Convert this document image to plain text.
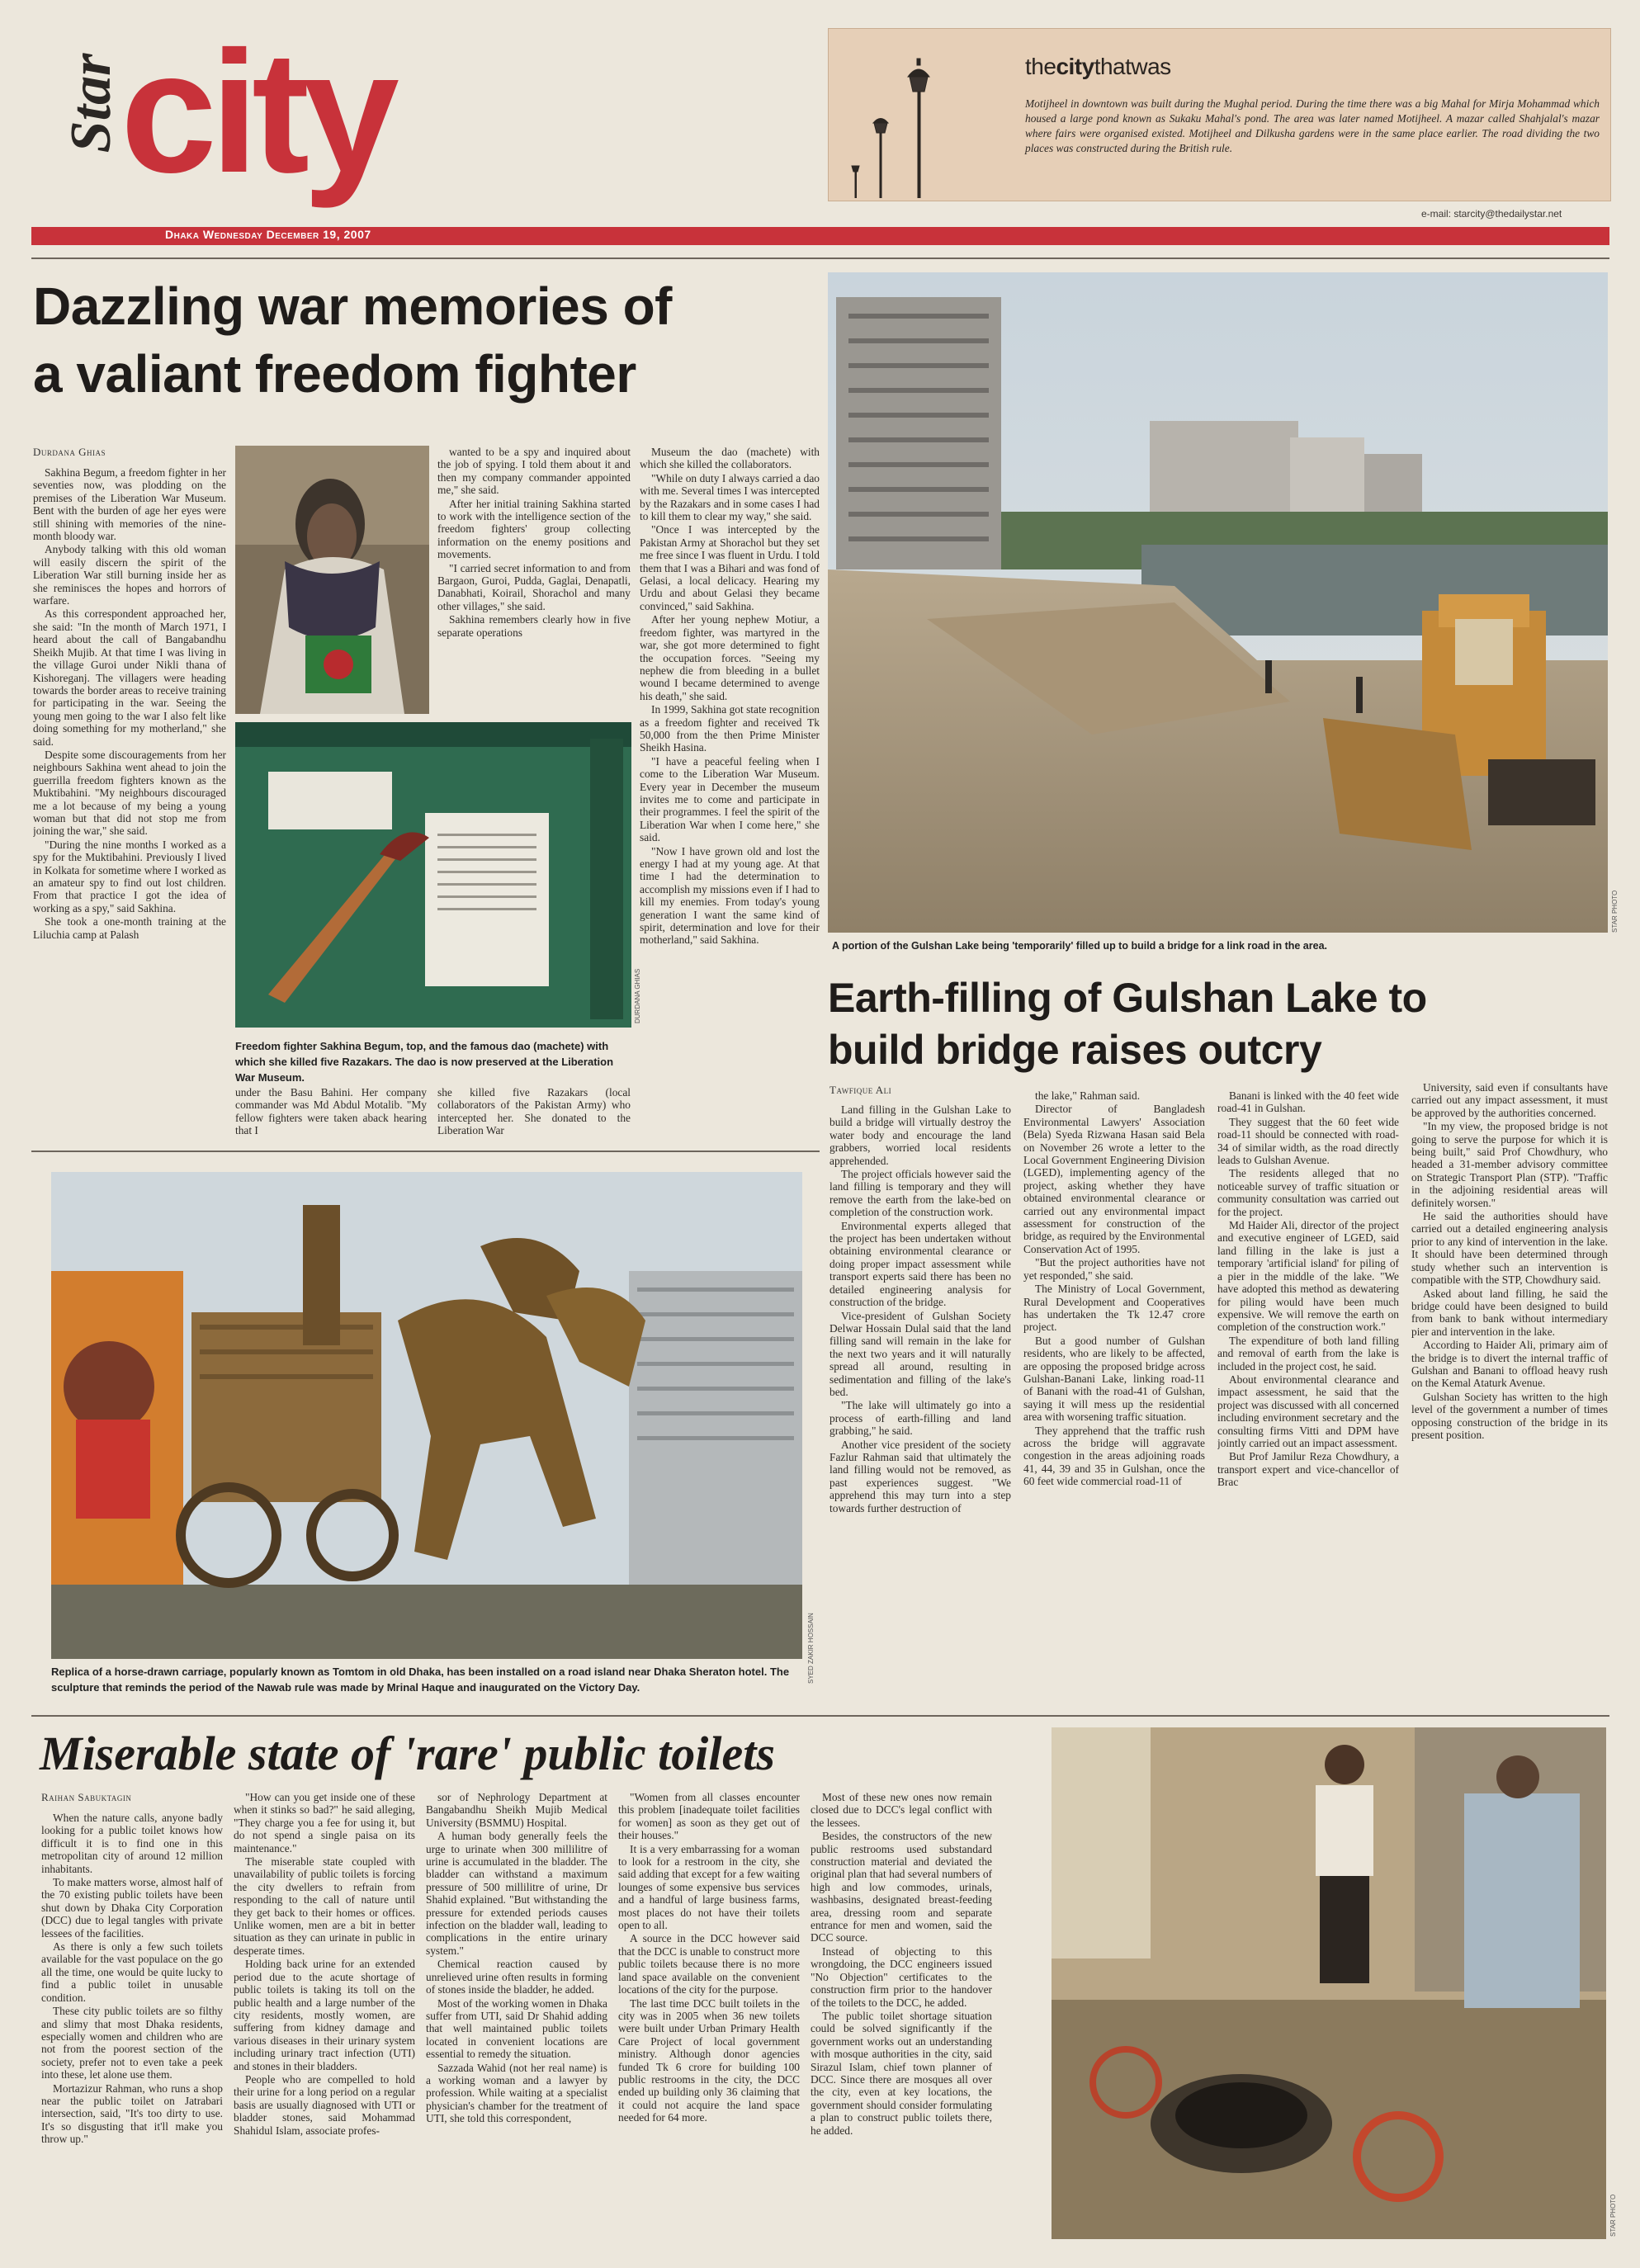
Star
city
Dhaka Wednesday December 19, 2007
e-mail: starcity@thedailystar.net
thecitythatwas
Motijheel in downtown was built during the Mughal period. During the time there was a big Mahal for Mirja Mohammad which housed a large pond known as Sukaku Mahal's pond. The area was later named Motijheel. A mazar called Shahjalal's mazar where fairs were organised existed. Motijheel and Dilkusha gardens were in the same place earlier. The road dividing the two places was constructed during the British rule.
Dazzling war memories of
a valiant freedom fighter
Durdana Ghias

Sakhina Begum, a freedom fighter in her seventies now, was plodding on the premises of the Liberation War Museum. Bent with the burden of age her eyes were still shining with memories of the nine-month bloody war.

Anybody talking with this old woman will easily discern the spirit of the Liberation War still burning inside her as she reminisces the hopes and horrors of warfare.

As this correspondent approached her, she said: "In the month of March 1971, I heard about the call of Bangabandhu Sheikh Mujib. At that time I was living in the village Guroi under Nikli thana of Kishoreganj. The villagers were heading towards the border areas to receive training for participating in the war. Seeing the young men going to the war I also felt like doing something for my motherland," she said.

Despite some discouragements from her neighbours Sakhina went ahead to join the guerrilla freedom fighters known as the Muktibahini. "My neighbours discouraged me a lot because of my being a young woman but that did not stop me from joining the war," she said.

"During the nine months I worked as a spy for the Muktibahini. Previously I lived in Kolkata for sometime where I worked as an amateur spy to find out lost children. From that practice I got the idea of working as a spy," said Sakhina.

She took a one-month training at the Liluchia camp at Palash

wanted to be a spy and inquired about the job of spying. I told them about it and then my company commander appointed me," she said.

After her initial training Sakhina started to work with the intelligence section of the freedom fighters' group collecting information on the enemy positions and movements.

"I carried secret information to and from Bargaon, Guroi, Pudda, Gaglai, Denapatli, Danabhati, Koirail, Shorachol and many other villages," she said.

Sakhina remembers clearly how in five separate operations

Museum the dao (machete) with which she killed the collaborators.

"While on duty I always carried a dao with me. Several times I was intercepted by the Razakars and in some cases I had to kill them to clear my way," she said.

"Once I was intercepted by the Pakistan Army at Shorachol but they set me free since I was fluent in Urdu. I told them that I was a Bihari and was fond of Gelasi, a local delicacy. Hearing my Urdu and about Gelasi they became convinced," said Sakhina.

After her young nephew Motiur, a freedom fighter, was martyred in the war, she got more determined to fight the occupation forces. "Seeing my nephew die from bleeding in a bullet wound I became determined to avenge his death," she said.

In 1999, Sakhina got state recognition as a freedom fighter and received Tk 50,000 from the then Prime Minister Sheikh Hasina.

"I have a peaceful feeling when I come to the Liberation War Museum. Every year in December the museum invites me to come and participate in their programmes. I feel the spirit of the Liberation War when I come here," she said.

"Now I have grown old and lost the energy I had at my young age. At that time I had the determination to accomplish my missions even if I had to kill my enemies. From today's young generation I want the same kind of spirit, determination and love for their motherland," said Sakhina.

DURDANA GHIAS
Freedom fighter Sakhina Begum, top, and the famous dao (machete) with which she killed five Razakars. The dao is now preserved at the Liberation War Museum.
under the Basu Bahini. Her company commander was Md Abdul Motalib. "My fellow fighters were taken aback hearing that I
she killed five Razakars (local collaborators of the Pakistan Army) who intercepted her. She donated to the Liberation War
STAR PHOTO
A portion of the Gulshan Lake being 'temporarily' filled up to build a bridge for a link road in the area.
Earth-filling of Gulshan Lake to
build bridge raises outcry
Tawfique Ali

Land filling in the Gulshan Lake to build a bridge will virtually destroy the water body and encourage the land grabbers, worried local residents apprehended.

The project officials however said the land filling is temporary and they will remove the earth from the lake-bed on completion of the construction work.

Environmental experts alleged that the project has been undertaken without obtaining environmental clearance or doing proper impact assessment while transport experts said there has been no detailed engineering analysis for construction of the bridge.

Vice-president of Gulshan Society Delwar Hossain Dulal said that the land filling sand will remain in the lake for the next two years and it will naturally spread all around, resulting in sedimentation and filling of the lake's bed.

"The lake will ultimately go into a process of earth-filling and land grabbing," he said.

Another vice president of the society Fazlur Rahman said that ultimately the land filling would not be removed, as past experiences suggest. "We apprehend this may turn into a step towards further destruction of

the lake," Rahman said.

Director of Bangladesh Environmental Lawyers' Association (Bela) Syeda Rizwana Hasan said Bela on November 26 wrote a letter to the Local Government Engineering Division (LGED), implementing agency of the project, asking whether they have obtained environmental clearance or carried out any environmental impact assessment for construction of the bridge, as required by the Environmental Conservation Act of 1995.

"But the project authorities have not yet responded," she said.

The Ministry of Local Government, Rural Development and Cooperatives has undertaken the Tk 12.47 crore project.

But a good number of Gulshan residents, who are likely to be affected, are opposing the proposed bridge across Gulshan-Banani Lake, linking road-11 of Banani with the road-41 of Gulshan, saying it will mess up the residential area with worsening traffic situation.

They apprehend that the traffic rush across the bridge will aggravate congestion in the areas adjoining roads 41, 44, 39 and 35 in Gulshan, once the 60 feet wide commercial road-11 of

Banani is linked with the 40 feet wide road-41 in Gulshan.

They suggest that the 60 feet wide road-11 should be connected with road-34 of similar width, as the road directly leads to Gulshan Avenue.

The residents alleged that no noticeable survey of traffic situation or community consultation was carried out for the project.

Md Haider Ali, director of the project and executive engineer of LGED, said land filling in the lake is just a temporary 'artificial island' for piling of a pier in the middle of the lake. "We have adopted this method as dewatering for piling would have been much expensive. We will remove the earth on completion of the construction work."

The expenditure of both land filling and removal of earth from the lake is included in the project cost, he said.

About environmental clearance and impact assessment, he said that the project was discussed with all concerned including environment secretary and the consulting firms Vitti and DPM have jointly carried out an impact assessment.

But Prof Jamilur Reza Chowdhury, a transport expert and vice-chancellor of Brac

University, said even if consultants have carried out any impact assessment, it must be approved by the authorities concerned.

"In my view, the proposed bridge is not going to serve the purpose for which it is being built," said Prof Chowdhury, who headed a 31-member advisory committee on Strategic Transport Plan (STP). "Traffic in the adjoining residential areas will definitely worsen."

He said the authorities should have carried out a detailed engineering analysis prior to any kind of intervention in the lake. It should have been determined through study whether such an intervention is compatible with the STP, Chowdhury said.

Asked about land filling, he said the bridge could have been designed to build from bank to bank without intermediary pier and intervention in the lake.

According to Haider Ali, primary aim of the bridge is to divert the internal traffic of Gulshan and Banani to offload heavy rush on the Kemal Ataturk Avenue.

Gulshan Society has written to the high level of the government a number of times opposing construction of the bridge in its present position.

SYED ZAKIR HOSSAIN
Replica of a horse-drawn carriage, popularly known as Tomtom in old Dhaka, has been installed on a road island near Dhaka Sheraton hotel. The sculpture that reminds the period of the Nawab rule was made by Mrinal Haque and inaugurated on the Victory Day.
Miserable state of 'rare' public toilets
Raihan Sabuktagin

When the nature calls, anyone badly looking for a public toilet knows how difficult it is to find one in this metropolitan city of around 12 million inhabitants.

To make matters worse, almost half of the 70 existing public toilets have been shut down by Dhaka City Corporation (DCC) due to legal tangles with private lessees of the facilities.

As there is only a few such toilets available for the vast populace on the go all the time, one would be quite lucky to find a public toilet in unusable condition.

These city public toilets are so filthy and slimy that most Dhaka residents, especially women and children who are not from the poorest section of the society, prefer not to even take a peek into these, let alone use them.

Mortazizur Rahman, who runs a shop near the public toilet on Jatrabari intersection, said, "It's too dirty to use. It's so disgusting that it'll make you throw up."

"How can you get inside one of these when it stinks so bad?" he said alleging, "They charge you a fee for using it, but do not spend a single paisa on its maintenance."

The miserable state coupled with unavailability of public toilets is forcing the city dwellers to refrain from responding to the call of nature until they get back to their homes or offices. Unlike women, men are a bit in better situation as they can urinate in public in desperate times.

Holding back urine for an extended period due to the acute shortage of public toilets is taking its toll on the public health and a large number of the city residents, mostly women, are suffering from kidney damage and various diseases in their urinary system including urinary tract infection (UTI) and stones in their bladders.

People who are compelled to hold their urine for a long period on a regular basis are usually diagnosed with UTI or bladder stones, said Mohammad Shahidul Islam, associate profes-

sor of Nephrology Department at Bangabandhu Sheikh Mujib Medical University (BSMMU) Hospital.

A human body generally feels the urge to urinate when 300 millilitre of urine is accumulated in the bladder. The bladder can withstand a maximum pressure of 500 millilitre of urine, Dr Shahid explained. "But withstanding the pressure for extended periods causes infection on the bladder wall, leading to complications in the entire urinary system."

Chemical reaction caused by unrelieved urine often results in forming of stones inside the bladder, he added.

Most of the working women in Dhaka suffer from UTI, said Dr Shahid adding that well maintained public toilets located in convenient locations are essential to remedy the situation.

Sazzada Wahid (not her real name) is a working woman and a lawyer by profession. While waiting at a specialist physician's chamber for the treatment of UTI, she told this correspondent,

"Women from all classes encounter this problem [inadequate toilet facilities for women] as soon as they get out of their houses."

It is a very embarrassing for a woman to look for a restroom in the city, she said adding that except for a few waiting lounges of some expensive bus services and a handful of large business farms, most places do not have their toilets open to all.

A source in the DCC however said that the DCC is unable to construct more public toilets because there is no more land space available on the convenient locations of the city for the purpose.

The last time DCC built toilets in the city was in 2005 when 36 new toilets were built under Urban Primary Health Care Project of local government ministry. Although donor agencies funded Tk 6 crore for building 100 public restrooms in the city, the DCC ended up building only 36 claiming that it could not acquire the land space needed for 64 more.

Most of these new ones now remain closed due to DCC's legal conflict with the lessees.

Besides, the constructors of the new public restrooms used substandard construction material and deviated the original plan that had several numbers of high and low commodes, urinals, washbasins, designated breast-feeding area, dressing room and separate entrance for men and women, said the DCC source.

Instead of objecting to this wrongdoing, the DCC engineers issued "No Objection" certificates to the construction firm prior to the handover of the toilets to the DCC, he added.

The public toilet shortage situation could be solved significantly if the government works out an understanding with mosque authorities in the city, said Sirazul Islam, chief town planner of DCC. Since there are mosques all over the city, even at key locations, the government should consider formulating a plan to construct public toilets there, he added.

STAR PHOTO
